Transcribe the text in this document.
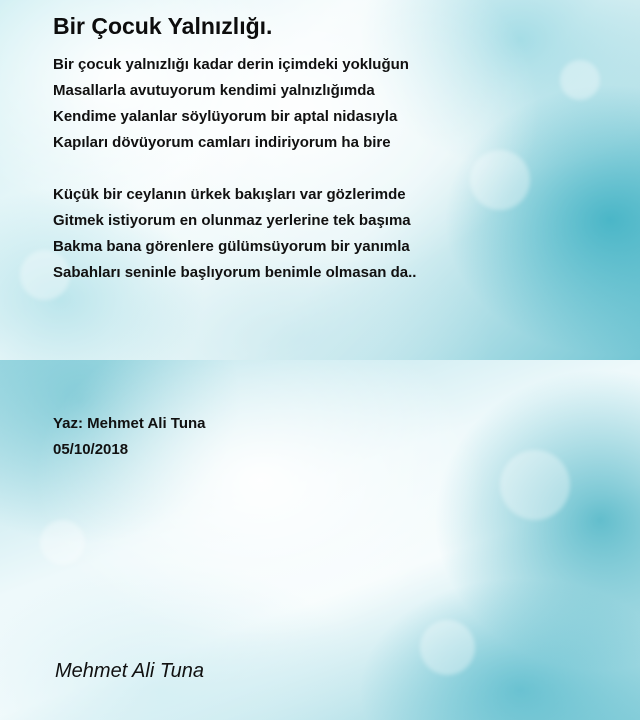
Bir Çocuk Yalnızlığı.
Bir çocuk yalnızlığı kadar derin içimdeki yokluğun
Masallarla avutuyorum kendimi yalnızlığımda
Kendime yalanlar söylüyorum bir aptal nidasıyla
Kapıları dövüyorum camları indiriyorum ha bire
Küçük bir ceylanın ürkek bakışları var gözlerimde
Gitmek istiyorum en olunmaz yerlerine tek başıma
Bakma bana görenlere gülümsüyorum bir yanımla
Sabahları seninle başlıyorum benimle olmasan da..
Yaz: Mehmet Ali Tuna
05/10/2018
Mehmet Ali Tuna
